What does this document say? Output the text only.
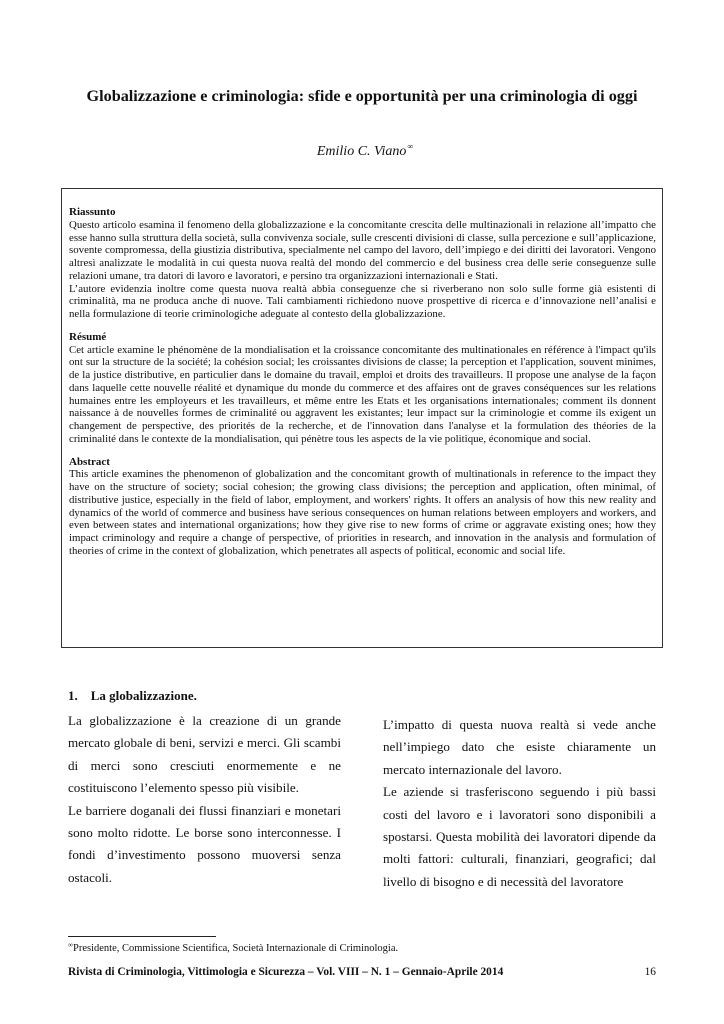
Globalizzazione e criminologia: sfide e opportunità per una criminologia di oggi
Emilio C. Viano∞
Riassunto

Questo articolo esamina il fenomeno della globalizzazione e la concomitante crescita delle multinazionali in relazione all’impatto che esse hanno sulla struttura della società, sulla convivenza sociale, sulle crescenti divisioni di classe, sulla percezione e sull’applicazione, sovente compromessa, della giustizia distributiva, specialmente nel campo del lavoro, dell’impiego e dei diritti dei lavoratori. Vengono altresì analizzate le modalità in cui questa nuova realtà del mondo del commercio e del business crea delle serie conseguenze sulle relazioni umane, tra datori di lavoro e lavoratori, e persino tra organizzazioni internazionali e Stati.

L’autore evidenzia inoltre come questa nuova realtà abbia conseguenze che si riverberano non solo sulle forme già esistenti di criminalità, ma ne produca anche di nuove. Tali cambiamenti richiedono nuove prospettive di ricerca e d’innovazione nell’analisi e nella formulazione di teorie criminologiche adeguate al contesto della globalizzazione.

Résumé

Cet article examine le phénomène de la mondialisation et la croissance concomitante des multinationales en référence à l'impact qu'ils ont sur la structure de la société; la cohésion social; les croissantes divisions de classe; la perception et l'application, souvent minimes, de la justice distributive, en particulier dans le domaine du travail, emploi et droits des travailleurs. Il propose une analyse de la façon dans laquelle cette nouvelle réalité et dynamique du monde du commerce et des affaires ont de graves conséquences sur les relations humaines entre les employeurs et les travailleurs, et même entre les Etats et les organisations internationales; comment ils donnent naissance à de nouvelles formes de criminalité ou aggravent les existantes; leur impact sur la criminologie et comme ils exigent un changement de perspective, des priorités de la recherche, et de l'innovation dans l'analyse et la formulation des théories de la criminalité dans le contexte de la mondialisation, qui pénètre tous les aspects de la vie politique, économique and social.

Abstract

This article examines the phenomenon of globalization and the concomitant growth of multinationals in reference to the impact they have on the structure of society; social cohesion; the growing class divisions; the perception and application, often minimal, of distributive justice, especially in the field of labor, employment, and workers' rights. It offers an analysis of how this new reality and dynamics of the world of commerce and business have serious consequences on human relations between employers and workers, and even between states and international organizations; how they give rise to new forms of crime or aggravate existing ones; how they impact criminology and require a change of perspective, of priorities in research, and innovation in the analysis and formulation of theories of crime in the context of globalization, which penetrates all aspects of political, economic and social life.

1.    La globalizzazione.

La globalizzazione è la creazione di un grande mercato globale di beni, servizi e merci. Gli scambi di merci sono cresciuti enormemente e ne costituiscono l’elemento spesso più visibile.

Le barriere doganali dei flussi finanziari e monetari sono molto ridotte. Le borse sono interconnesse. I fondi d’investimento possono muoversi senza ostacoli.

L’impatto di questa nuova realtà si vede anche nell’impiego dato che esiste chiaramente un mercato internazionale del lavoro.

Le aziende si trasferiscono seguendo i più bassi costi del lavoro e i lavoratori sono disponibili a spostarsi. Questa mobilità dei lavoratori dipende da molti fattori: culturali, finanziari, geografici; dal livello di bisogno e di necessità del lavoratore

∞Presidente, Commissione Scientifica, Società Internazionale di Criminologia.
Rivista di Criminologia, Vittimologia e Sicurezza – Vol. VIII – N. 1 – Gennaio-Aprile 2014	16
